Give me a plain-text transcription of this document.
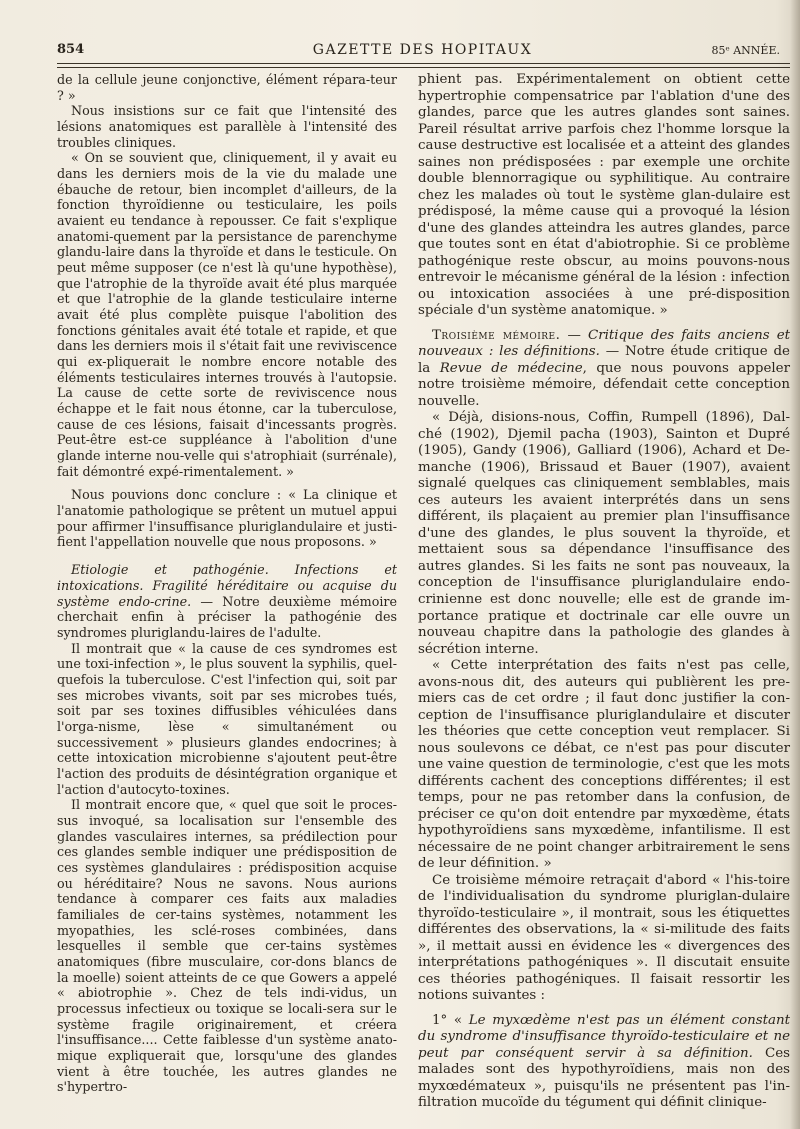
854	GAZETTE DES HOPITAUX	85ᵉ ANNÉE.

de la cellule jeune conjonctive, élément répara-teur ? »

Nous insistions sur ce fait que l'intensité des lésions anatomiques est parallèle à l'intensité des troubles cliniques.

« On se souvient que, cliniquement, il y avait eu dans les derniers mois de la vie du malade une ébauche de retour, bien incomplet d'ailleurs, de la fonction thyroïdienne ou testiculaire, les poils avaient eu tendance à repousser. Ce fait s'explique anatomi-quement par la persistance de parenchyme glandu-laire dans la thyroïde et dans le testicule. On peut même supposer (ce n'est là qu'une hypothèse), que l'atrophie de la thyroïde avait été plus marquée et que l'atrophie de la glande testiculaire interne avait été plus complète puisque l'abolition des fonctions génitales avait été totale et rapide, et que dans les derniers mois il s'était fait une reviviscence qui ex-pliquerait le nombre encore notable des éléments testiculaires internes trouvés à l'autopsie. La cause de cette sorte de reviviscence nous échappe et le fait nous étonne, car la tuberculose, cause de ces lésions, faisait d'incessants progrès. Peut-être est-ce suppléance à l'abolition d'une glande interne nou-velle qui s'atrophiait (surrénale), fait démontré expé-rimentalement. »

Nous pouvions donc conclure : « La clinique et l'anatomie pathologique se prêtent un mutuel appui pour affirmer l'insuffisance pluriglandulaire et justi-fient l'appellation nouvelle que nous proposons. »

Etiologie et pathogénie. Infections et intoxications. Fragilité héréditaire ou acquise du système endo-crine. — Notre deuxième mémoire cherchait enfin à préciser la pathogénie des syndromes pluriglandu-laires de l'adulte.

Il montrait que « la cause de ces syndromes est une toxi-infection », le plus souvent la syphilis, quel-quefois la tuberculose. C'est l'infection qui, soit par ses microbes vivants, soit par ses microbes tués, soit par ses toxines diffusibles véhiculées dans l'orga-nisme, lèse « simultanément ou successivement » plusieurs glandes endocrines; à cette intoxication microbienne s'ajoutent peut-être l'action des produits de désintégration organique et l'action d'autocyto-toxines.

Il montrait encore que, « quel que soit le proces-sus invoqué, sa localisation sur l'ensemble des glandes vasculaires internes, sa prédilection pour ces glandes semble indiquer une prédisposition de ces systèmes glandulaires : prédisposition acquise ou héréditaire? Nous ne savons. Nous aurions tendance à comparer ces faits aux maladies familiales de cer-tains systèmes, notamment les myopathies, les sclé-roses combinées, dans lesquelles il semble que cer-tains systèmes anatomiques (fibre musculaire, cor-dons blancs de la moelle) soient atteints de ce que Gowers a appelé « abiotrophie ». Chez de tels indi-vidus, un processus infectieux ou toxique se locali-sera sur le système fragile originairement, et créera l'insuffisance.... Cette faiblesse d'un système anato-mique expliquerait que, lorsqu'une des glandes vient à être touchée, les autres glandes ne s'hypertro-

phient pas. Expérimentalement on obtient cette hypertrophie compensatrice par l'ablation d'une des glandes, parce que les autres glandes sont saines. Pareil résultat arrive parfois chez l'homme lorsque la cause destructive est localisée et a atteint des glandes saines non prédisposées : par exemple une orchite double blennorragique ou syphilitique. Au contraire chez les malades où tout le système glan-dulaire est prédisposé, la même cause qui a provoqué la lésion d'une des glandes atteindra les autres glandes, parce que toutes sont en état d'abiotrophie. Si ce problème pathogénique reste obscur, au moins pouvons-nous entrevoir le mécanisme général de la lésion : infection ou intoxication associées à une pré-disposition spéciale d'un système anatomique. »

Troisième mémoire. — Critique des faits anciens et nouveaux : les définitions. — Notre étude critique de la Revue de médecine, que nous pouvons appeler notre troisième mémoire, défendait cette conception nouvelle.

« Déjà, disions-nous, Coffin, Rumpell (1896), Dal-ché (1902), Djemil pacha (1903), Sainton et Dupré (1905), Gandy (1906), Galliard (1906), Achard et De-manche (1906), Brissaud et Bauer (1907), avaient signalé quelques cas cliniquement semblables, mais ces auteurs les avaient interprétés dans un sens différent, ils plaçaient au premier plan l'insuffisance d'une des glandes, le plus souvent la thyroïde, et mettaient sous sa dépendance l'insuffisance des autres glandes. Si les faits ne sont pas nouveaux, la conception de l'insuffisance pluriglandulaire endo-crinienne est donc nouvelle; elle est de grande im-portance pratique et doctrinale car elle ouvre un nouveau chapitre dans la pathologie des glandes à sécrétion interne.

« Cette interprétation des faits n'est pas celle, avons-nous dit, des auteurs qui publièrent les pre-miers cas de cet ordre ; il faut donc justifier la con-ception de l'insuffisance pluriglandulaire et discuter les théories que cette conception veut remplacer. Si nous soulevons ce débat, ce n'est pas pour discuter une vaine question de terminologie, c'est que les mots différents cachent des conceptions différentes; il est temps, pour ne pas retomber dans la confusion, de préciser ce qu'on doit entendre par myxœdème, états hypothyroïdiens sans myxœdème, infantilisme. Il est nécessaire de ne point changer arbitrairement le sens de leur définition. »

Ce troisième mémoire retraçait d'abord « l'his-toire de l'individualisation du syndrome pluriglan-dulaire thyroïdo-testiculaire », il montrait, sous les étiquettes différentes des observations, la « si-militude des faits », il mettait aussi en évidence les « divergences des interprétations pathogéniques ». Il discutait ensuite ces théories pathogéniques. Il faisait ressortir les notions suivantes :

1° « Le myxœdème n'est pas un élément constant du syndrome d'insuffisance thyroïdo-testiculaire et ne peut par conséquent servir à sa définition. Ces malades sont des hypothyroïdiens, mais non des myxœdémateux », puisqu'ils ne présentent pas l'in-filtration mucoïde du tégument qui définit clinique-
